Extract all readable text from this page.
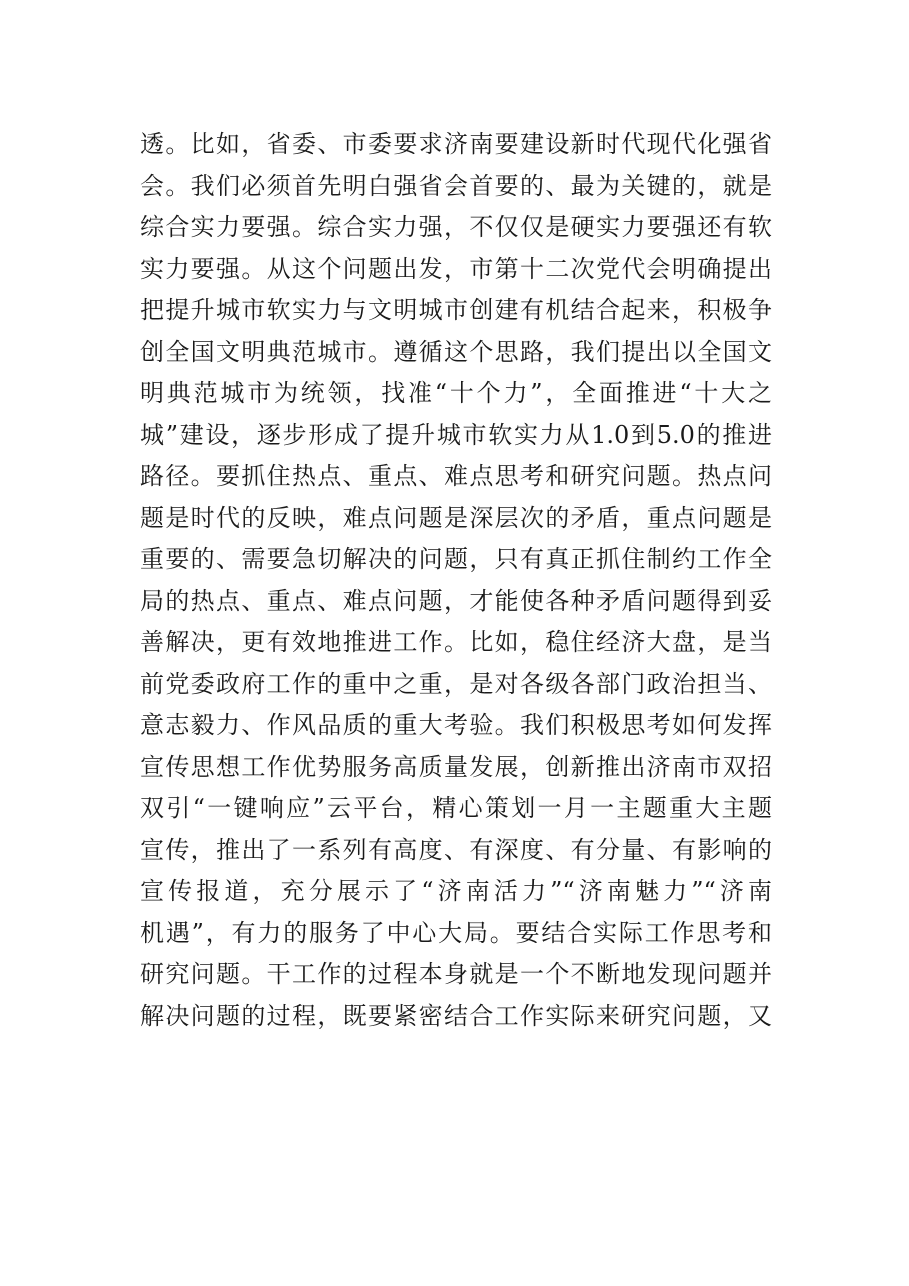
透。比如，省委、市委要求济南要建设新时代现代化强省
会。我们必须首先明白强省会首要的、最为关键的，就是
综合实力要强。综合实力强，不仅仅是硬实力要强还有软
实力要强。从这个问题出发，市第十二次党代会明确提出
把提升城市软实力与文明城市创建有机结合起来，积极争
创全国文明典范城市。遵循这个思路，我们提出以全国文
明典范城市为统领，找准“十个力”，全面推进“十大之
城”建设，逐步形成了提升城市软实力从1.0到5.0的推进
路径。要抓住热点、重点、难点思考和研究问题。热点问
题是时代的反映，难点问题是深层次的矛盾，重点问题是
重要的、需要急切解决的问题，只有真正抓住制约工作全
局的热点、重点、难点问题，才能使各种矛盾问题得到妥
善解决，更有效地推进工作。比如，稳住经济大盘，是当
前党委政府工作的重中之重，是对各级各部门政治担当、
意志毅力、作风品质的重大考验。我们积极思考如何发挥
宣传思想工作优势服务高质量发展，创新推出济南市双招
双引“一键响应”云平台，精心策划一月一主题重大主题
宣传，推出了一系列有高度、有深度、有分量、有影响的
宣传报道，充分展示了“济南活力”“济南魅力”“济南
机遇”，有力的服务了中心大局。要结合实际工作思考和
研究问题。干工作的过程本身就是一个不断地发现问题并
解决问题的过程，既要紧密结合工作实际来研究问题，又
